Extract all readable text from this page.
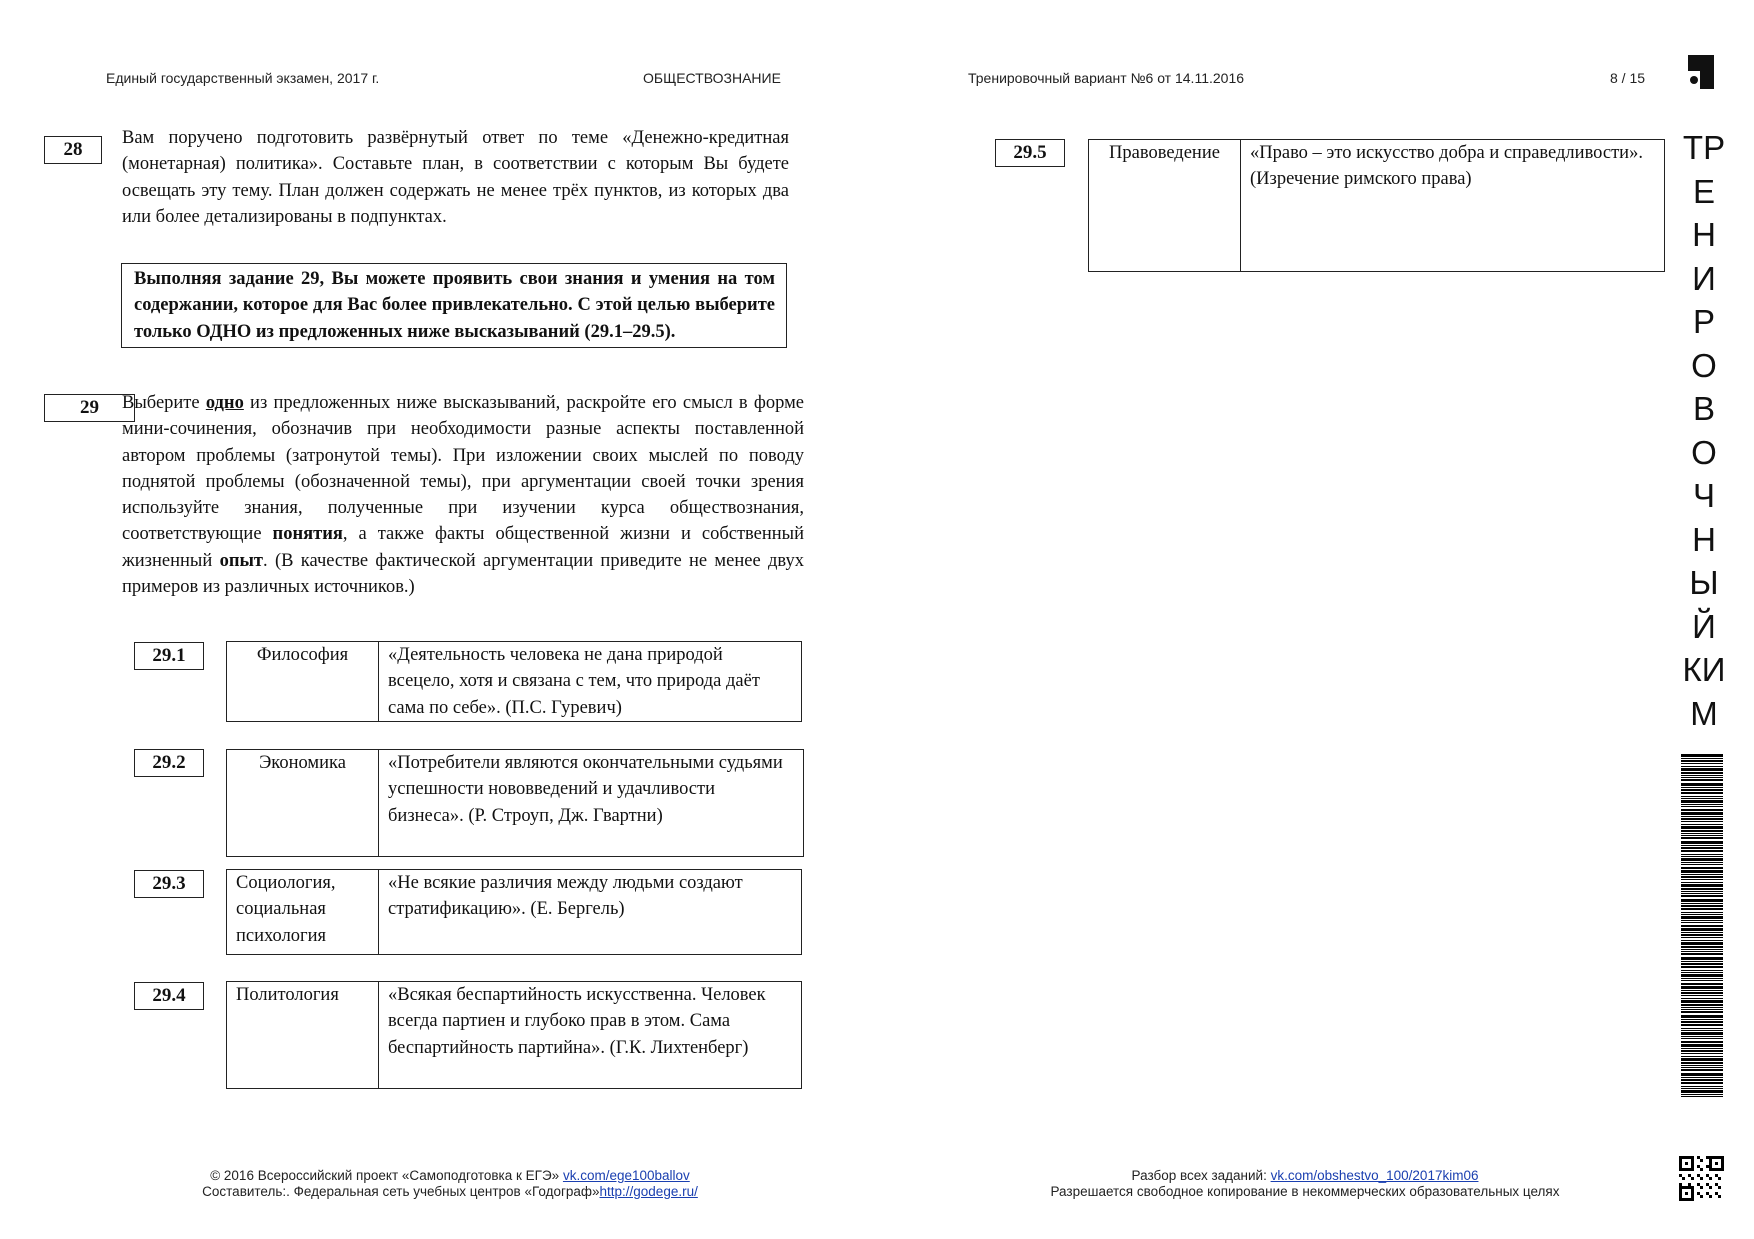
Единый государственный экзамен, 2017 г.	ОБЩЕСТВОЗНАНИЕ	Тренировочный вариант №6 от 14.11.2016	8 / 15
28
Вам поручено подготовить развёрнутый ответ по теме «Денежно-кредитная (монетарная) политика». Составьте план, в соответствии с которым Вы будете освещать эту тему. План должен содержать не менее трёх пунктов, из которых два или более детализированы в подпунктах.
Выполняя задание 29, Вы можете проявить свои знания и умения на том содержании, которое для Вас более привлекательно. С этой целью выберите только ОДНО из предложенных ниже высказываний (29.1–29.5).
29	Выберите одно из предложенных ниже высказываний, раскройте его смысл в форме мини-сочинения, обозначив при необходимости разные аспекты поставленной автором проблемы (затронутой темы). При изложении своих мыслей по поводу поднятой проблемы (обозначенной темы), при аргументации своей точки зрения используйте знания, полученные при изучении курса обществознания, соответствующие понятия, а также факты общественной жизни и собственный жизненный опыт. (В качестве фактической аргументации приведите не менее двух примеров из различных источников.)
29.1	Философия	«Деятельность человека не дана природой всецело, хотя и связана с тем, что природа даёт сама по себе». (П.С. Гуревич)
29.2	Экономика	«Потребители являются окончательными судьями успешности нововведений и удачливости бизнеса». (Р. Строуп, Дж. Гвартни)
29.3	Социология, социальная психология	«Не всякие различия между людьми создают стратификацию». (Е. Бергель)
29.4	Политология	«Всякая беспартийность искусственна. Человек всегда партиен и глубоко прав в этом. Сама беспартийность партийна». (Г.К. Лихтенберг)
29.5	Правоведение	«Право – это искусство добра и справедливости». (Изречение римского права)
ТР
Е
Н
И
Р
О
В
О
Ч
Н
Ы
Й
КИ
М
© 2016 Всероссийский проект «Самоподготовка к ЕГЭ» vk.com/ege100ballov
Составитель:. Федеральная сеть учебных центров «Годограф»http://godege.ru/
Разбор всех заданий: vk.com/obshestvo_100/2017kim06
Разрешается свободное копирование в некоммерческих образовательных целях
